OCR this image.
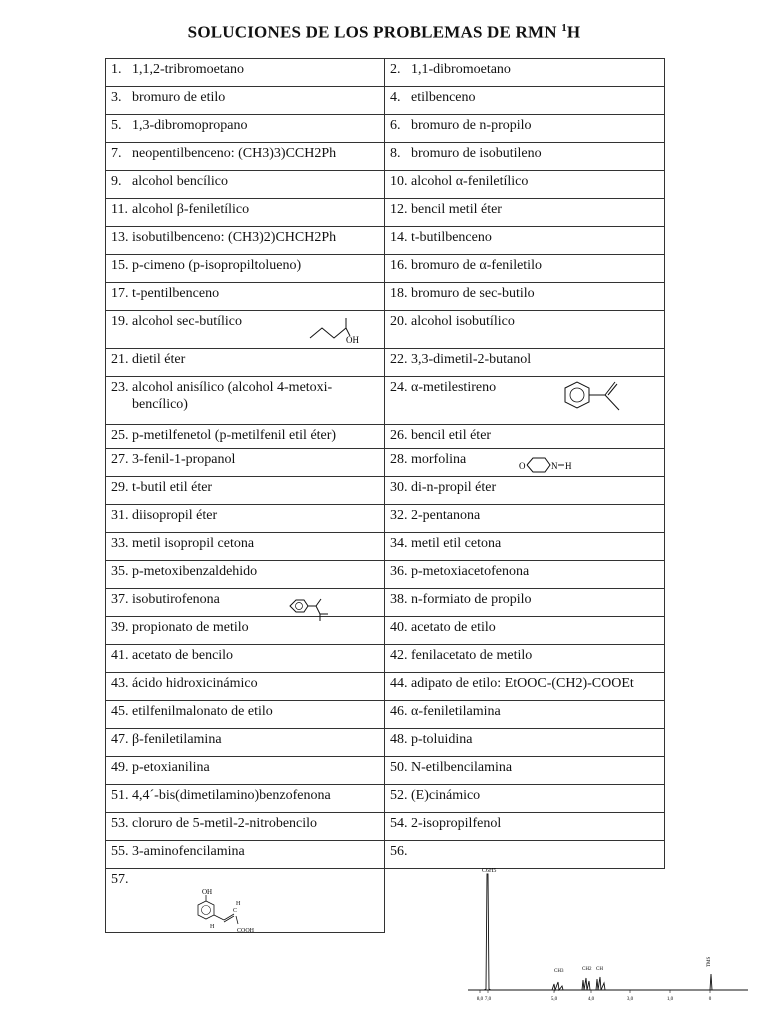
SOLUCIONES DE LOS PROBLEMAS DE RMN $^1$H
1. 1,1,2-tribromoetano	2. 1,1-dibromoetano

3. bromuro de etilo	4. etilbenceno

5. 1,3-dibromopropano	6. bromuro de n-propilo

7. neopentilbenceno: (CH3)3)CCH2Ph	8. bromuro de isobutileno

9. alcohol bencílico	10. alcohol α-feniletílico

11. alcohol β-feniletílico	12. bencil metil éter

13. isobutilbenceno: (CH3)2)CHCH2Ph	14. t-butilbenceno

15. p-cimeno (p-isopropiltolueno)	16. bromuro de α-feniletilo

17. t-pentilbenceno	18. bromuro de sec-butilo

19. alcohol sec-butílico	20. alcohol isobutílico

21. dietil éter	22. 3,3-dimetil-2-butanol

23. alcohol anisílico (alcohol 4-metoxi-
bencílico)	24. α-metilestireno

25. p-metilfenetol (p-metilfenil etil éter)	26. bencil etil éter

27. 3-fenil-1-propanol	28. morfolina

29. t-butil etil éter	30. di-n-propil éter

31. diisopropil éter	32. 2-pentanona

33. metil isopropil cetona	34. metil etil cetona

35. p-metoxibenzaldehido	36. p-metoxiacetofenona

37. isobutirofenona	38. n-formiato de propilo

39. propionato de metilo	40. acetato de etilo

41. acetato de bencilo	42. fenilacetato de metilo

43. ácido hidroxicinámico	44. adipato de etilo: EtOOC-(CH2)-COOEt

45. etilfenilmalonato de etilo	46. α-feniletilamina

47. β-feniletilamina	48. p-toluidina

49. p-etoxianilina	50. N-etilbencilamina

51. 4,4´-bis(dimetilamino)benzofenona	52. (E)cinámico

53. cloruro de 5-metil-2-nitrobencilo	54. 2-isopropilfenol

55. 3-aminofencilamina	56.

57.	

OH
O	N H
OH
H
C
H
COOH
C6H5
CH3	CH2 CH
TMS
8,0 7,0	5,0	4,0	3,0	1,0	0
